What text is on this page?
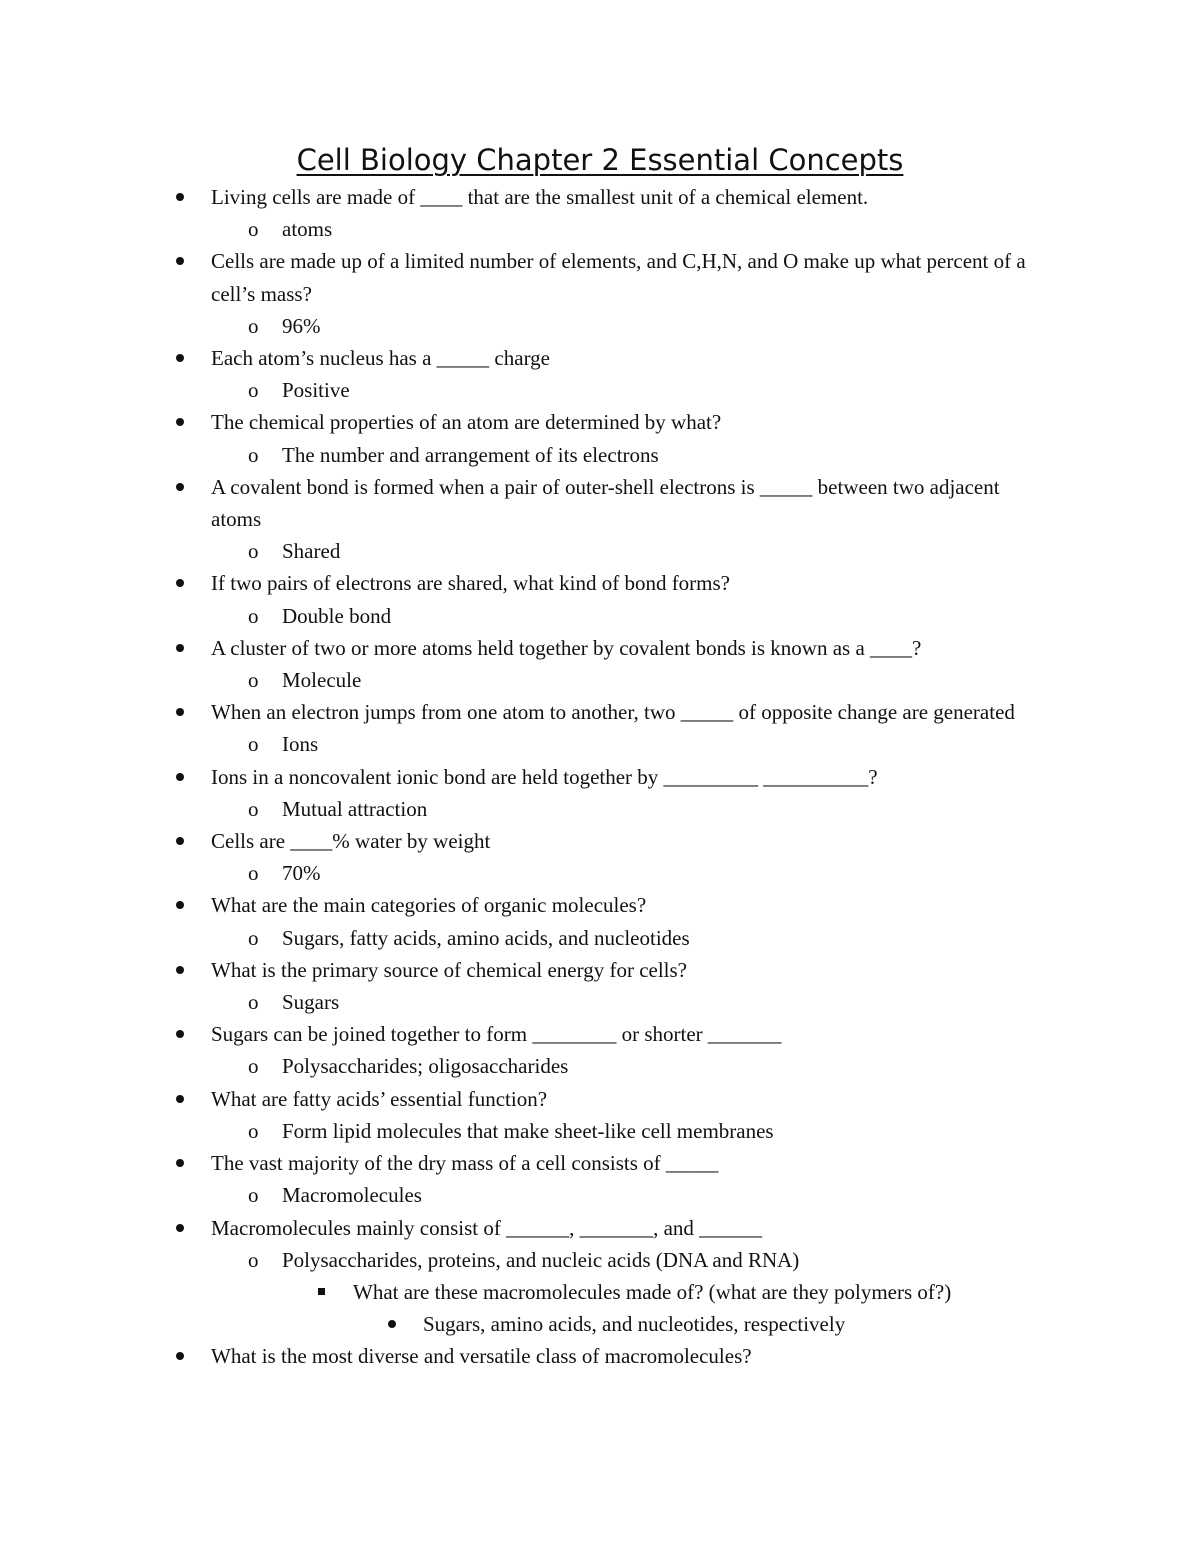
Cell Biology Chapter 2 Essential Concepts
Living cells are made of ____ that are the smallest unit of a chemical element.
o atoms
Cells are made up of a limited number of elements, and C,H,N, and O make up what percent of a cell’s mass?
o 96%
Each atom’s nucleus has a _____ charge
o Positive
The chemical properties of an atom are determined by what?
o The number and arrangement of its electrons
A covalent bond is formed when a pair of outer-shell electrons is _____ between two adjacent atoms
o Shared
If two pairs of electrons are shared, what kind of bond forms?
o Double bond
A cluster of two or more atoms held together by covalent bonds is known as a ____?
o Molecule
When an electron jumps from one atom to another, two _____ of opposite change are generated
o Ions
Ions in a noncovalent ionic bond are held together by _________ __________?
o Mutual attraction
Cells are ____% water by weight
o 70%
What are the main categories of organic molecules?
o Sugars, fatty acids, amino acids, and nucleotides
What is the primary source of chemical energy for cells?
o Sugars
Sugars can be joined together to form ________ or shorter _______
o Polysaccharides; oligosaccharides
What are fatty acids’ essential function?
o Form lipid molecules that make sheet-like cell membranes
The vast majority of the dry mass of a cell consists of _____
o Macromolecules
Macromolecules mainly consist of ______, _______, and ______
o Polysaccharides, proteins, and nucleic acids (DNA and RNA)
What are these macromolecules made of? (what are they polymers of?)
Sugars, amino acids, and nucleotides, respectively
What is the most diverse and versatile class of macromolecules?
